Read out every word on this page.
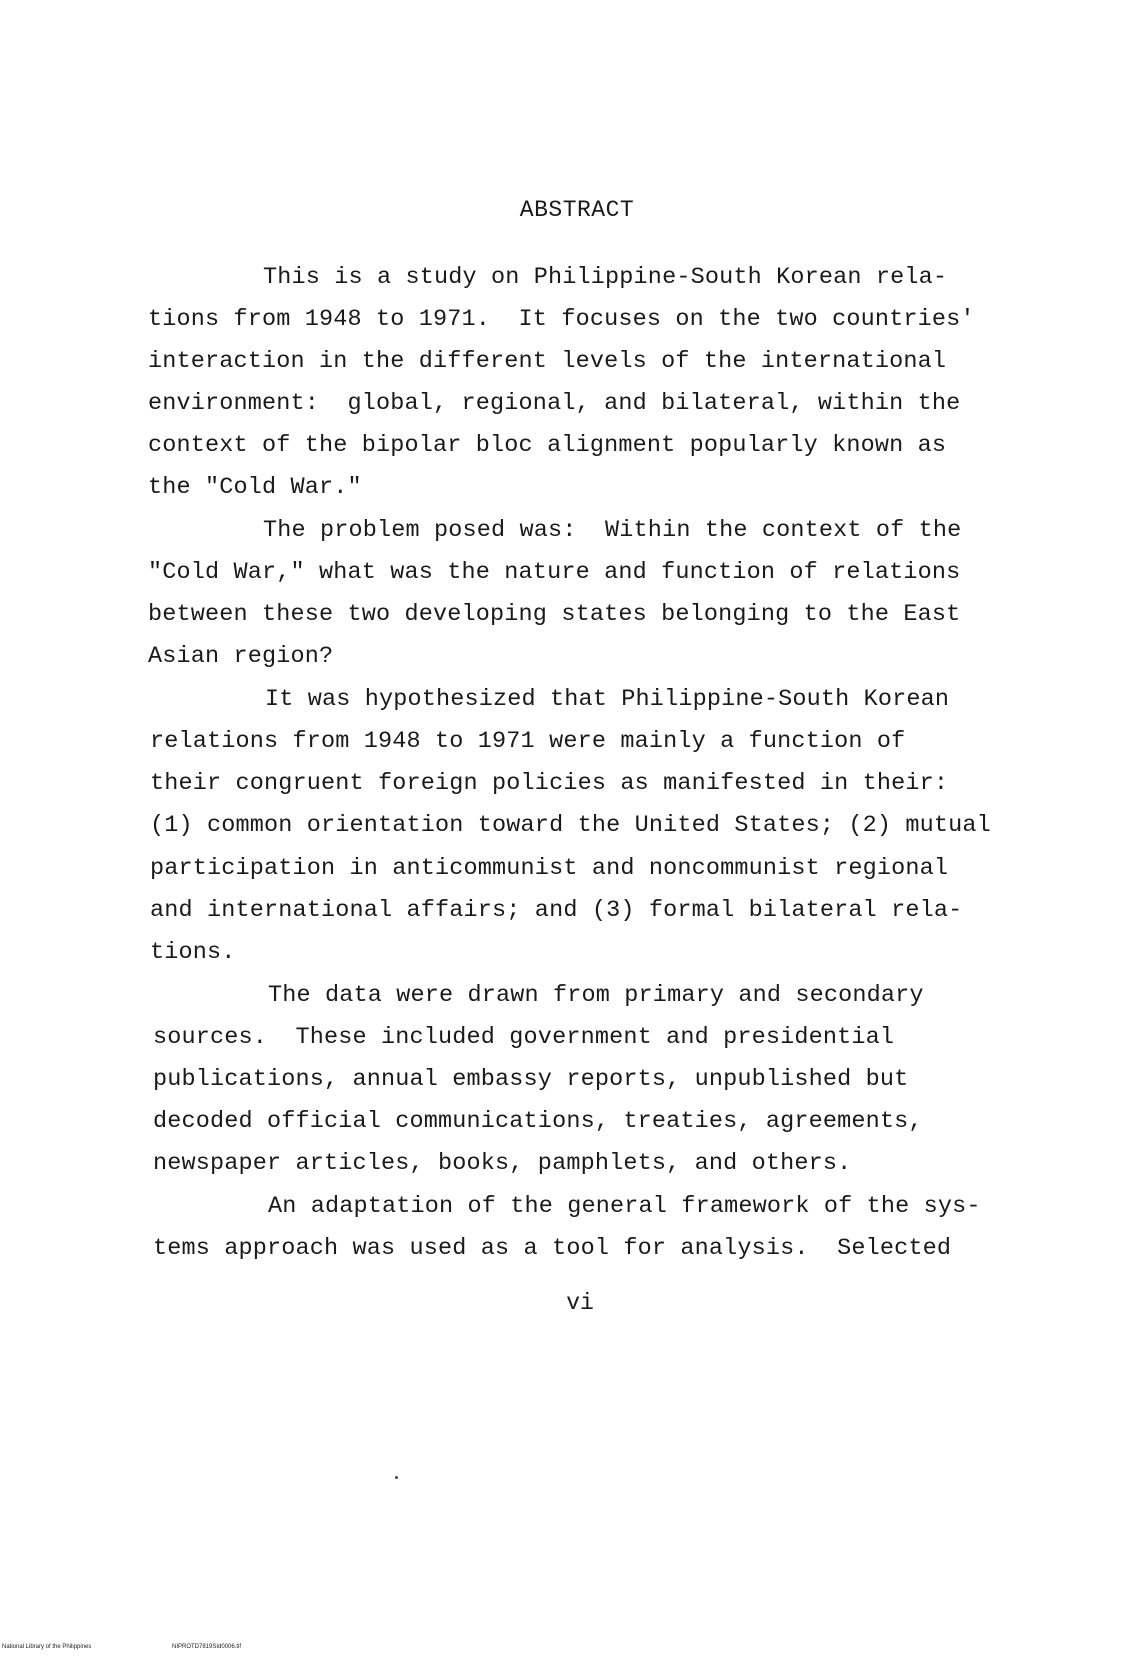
ABSTRACT
This is a study on Philippine-South Korean rela-
tions from 1948 to 1971.  It focuses on the two countries'
interaction in the different levels of the international
environment:  global, regional, and bilateral, within the
context of the bipolar bloc alignment popularly known as
the "Cold War."
The problem posed was:  Within the context of the
"Cold War," what was the nature and function of relations
between these two developing states belonging to the East
Asian region?
It was hypothesized that Philippine-South Korean
relations from 1948 to 1971 were mainly a function of
their congruent foreign policies as manifested in their:
(1) common orientation toward the United States; (2) mutual
participation in anticommunist and noncommunist regional
and international affairs; and (3) formal bilateral rela-
tions.
The data were drawn from primary and secondary
sources.  These included government and presidential
publications, annual embassy reports, unpublished but
decoded official communications, treaties, agreements,
newspaper articles, books, pamphlets, and others.
An adaptation of the general framework of the sys-
tems approach was used as a tool for analysis.  Selected
vi
National Library of the Philippines	NIPROTD7819SId0006.tif
